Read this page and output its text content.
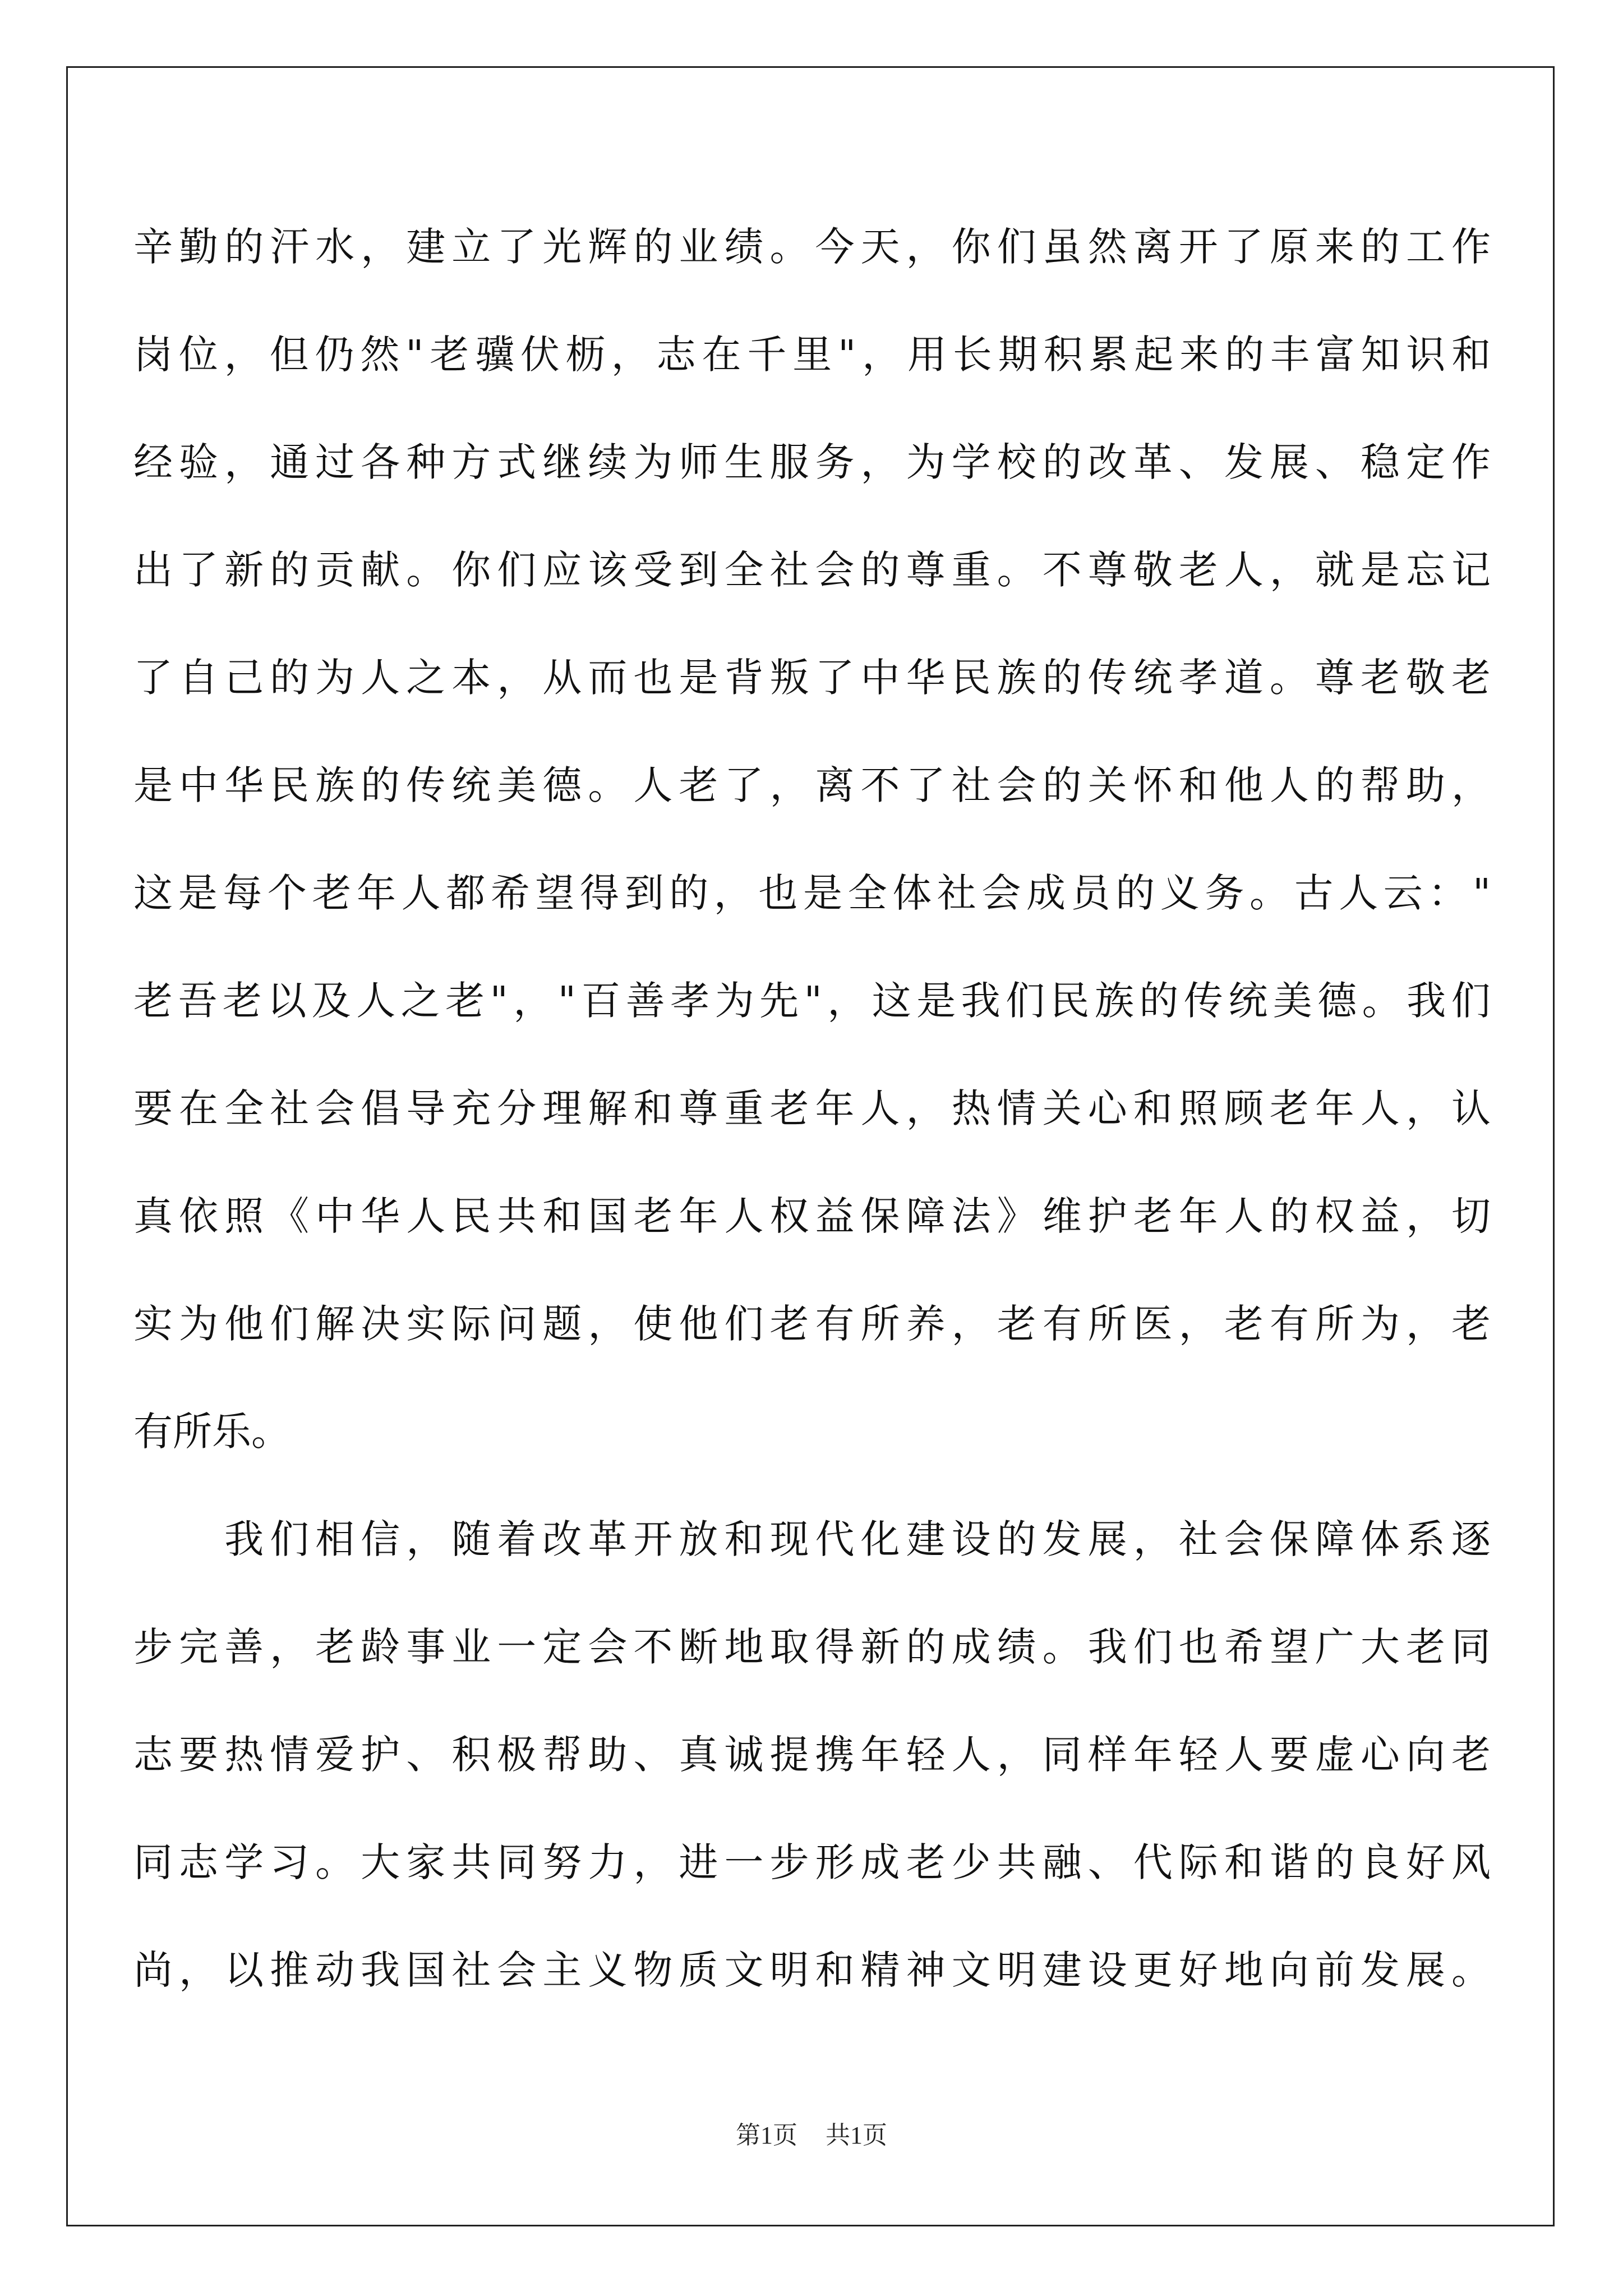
辛勤的汗水，建立了光辉的业绩。今天，你们虽然离开了原来的工作
岗位，但仍然"老骥伏枥，志在千里"，用长期积累起来的丰富知识和
经验，通过各种方式继续为师生服务，为学校的改革、发展、稳定作
出了新的贡献。你们应该受到全社会的尊重。不尊敬老人，就是忘记
了自己的为人之本，从而也是背叛了中华民族的传统孝道。尊老敬老
是中华民族的传统美德。人老了，离不了社会的关怀和他人的帮助，
这是每个老年人都希望得到的，也是全体社会成员的义务。古人云："
老吾老以及人之老"，"百善孝为先"，这是我们民族的传统美德。我们
要在全社会倡导充分理解和尊重老年人，热情关心和照顾老年人，认
真依照《中华人民共和国老年人权益保障法》维护老年人的权益，切
实为他们解决实际问题，使他们老有所养，老有所医，老有所为，老
有所乐。
　　我们相信，随着改革开放和现代化建设的发展，社会保障体系逐
步完善，老龄事业一定会不断地取得新的成绩。我们也希望广大老同
志要热情爱护、积极帮助、真诚提携年轻人，同样年轻人要虚心向老
同志学习。大家共同努力，进一步形成老少共融、代际和谐的良好风
尚，以推动我国社会主义物质文明和精神文明建设更好地向前发展。
第1页 共1页
